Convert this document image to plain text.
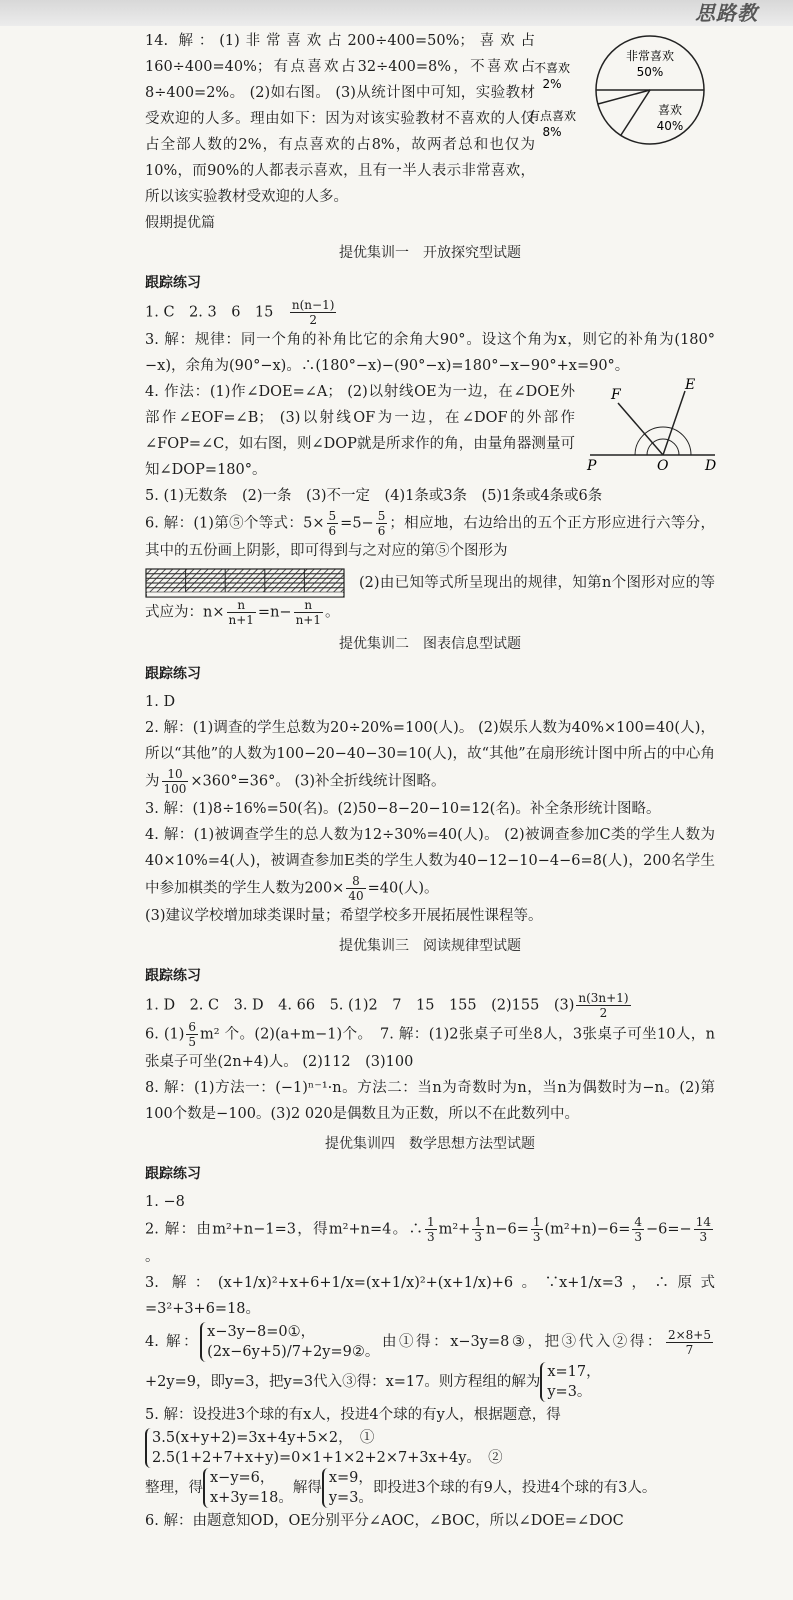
思路教

14. 解：(1)非常喜欢占200÷400=50%；喜欢占160÷400=40%；有点喜欢占32÷400=8%，不喜欢占8÷400=2%。 (2)如右图。 (3)从统计图中可知，实验教材受欢迎的人多。理由如下：因为对该实验教材不喜欢的人仅占全部人数的2%，有点喜欢的占8%，故两者总和也仅为10%，而90%的人都表示喜欢，且有一半人表示非常喜欢，所以该实验教材受欢迎的人多。

非常喜欢
50%
喜欢
40%
有点喜欢
8%
不喜欢
2%

假期提优篇

提优集训一　开放探究型试题

跟踪练习

1. C　2. 3　6　15　 $\frac{n(n-1)}{2}$

3. 解：规律：同一个角的补角比它的余角大90°。设这个角为x，则它的补角为(180°−x)，余角为(90°−x)。∴(180°−x)−(90°−x)=180°−x−90°+x=90°。

4. 作法：(1)作∠DOE=∠A； (2)以射线OE为一边，在∠DOE外部作∠EOF=∠B； (3)以射线OF为一边，在∠DOF的外部作∠FOP=∠C，如右图，则∠DOP就是所求作的角，由量角器测量可知∠DOP=180°。

F
E
P	O	D

5. (1)无数条　(2)一条　(3)不一定　(4)1条或3条　(5)1条或4条或6条

6. 解：(1)第⑤个等式：$5\times \frac{5}{6} =5- \frac{5}{6}$ ；相应地，右边给出的五个正方形应进行六等分，其中的五份画上阴影，即可得到与之对应的第⑤个图形为

(2)由已知等式所呈现出的规律，知第n个图形对应的等式应为：$n\times \frac{n}{n+1} =n- \frac{n}{n+1}$ 。

提优集训二　图表信息型试题

跟踪练习

1. D

2. 解：(1)调查的学生总数为20÷20%=100(人)。 (2)娱乐人数为40%×100=40(人)，所以“其他”的人数为100−20−40−30=10(人)，故“其他”在扇形统计图中所占的中心角为 $\frac{10}{100} \times 360^\circ=36^\circ$。 (3)补全折线统计图略。

3. 解：(1)8÷16%=50(名)。(2)50−8−20−10=12(名)。补全条形统计图略。

4. 解：(1)被调查学生的总人数为12÷30%=40(人)。 (2)被调查参加C类的学生人数为40×10%=4(人)，被调查参加E类的学生人数为40−12−10−4−6=8(人)，200名学生中参加棋类的学生人数为$200\times \frac{8}{40} =40$(人)。

(3)建议学校增加球类课时量；希望学校多开展拓展性课程等。

提优集训三　阅读规律型试题

跟踪练习

1. D　2. C　3. D　4. 66　5. (1)2　7　15　155　(2)155　$(3) \frac{n(3n+1)}{2}$

6. $(1) \frac{6}{5} m^2$ 个。(2)(a+m−1)个。　7. 解：(1)2张桌子可坐8人，3张桌子可坐10人，n张桌子可坐(2n+4)人。 (2)112　(3)100

8. 解：(1)方法一：(−1)ⁿ⁻¹·n。方法二：当n为奇数时为n，当n为偶数时为−n。(2)第100个数是−100。(3)2 020是偶数且为正数，所以不在此数列中。

提优集训四　数学思想方法型试题

跟踪练习

1. −8

2. 解：由m²+n−1=3，得m²+n=4。∴ $\frac{1}{3} m^2+ \frac{1}{3} n-6= \frac{1}{3} (m^2+n)-6= \frac{4}{3} -6=- \frac{14}{3}$
。

3. 解：(x+1/x)²+x+6+1/x=(x+1/x)²+(x+1/x)+6。∵x+1/x=3，∴原式=3²+3+6=18。

4. 解：x−3y−8=0①，
(2x−6y+5)/7+2y=9②。由①得：x−3y=8③，把③代入②得： $\frac{2\times 8+5}{7}$
+2y=9，即y=3，把y=3代入③得：x=17。则方程组的解为x=17，
y=3。

5. 解：设投进3个球的有x人，投进4个球的有y人，根据题意，得

3.5(x+y+2)=3x+4y+5×2，　①
2.5(1+2+7+x+y)=0×1+1×2+2×7+3x+4y。　②

整理，得x−y=6，
x+3y=18。解得x=9，
y=3。即投进3个球的有9人，投进4个球的有3人。

6. 解：由题意知OD，OE分别平分∠AOC，∠BOC，所以∠DOE=∠DOC
